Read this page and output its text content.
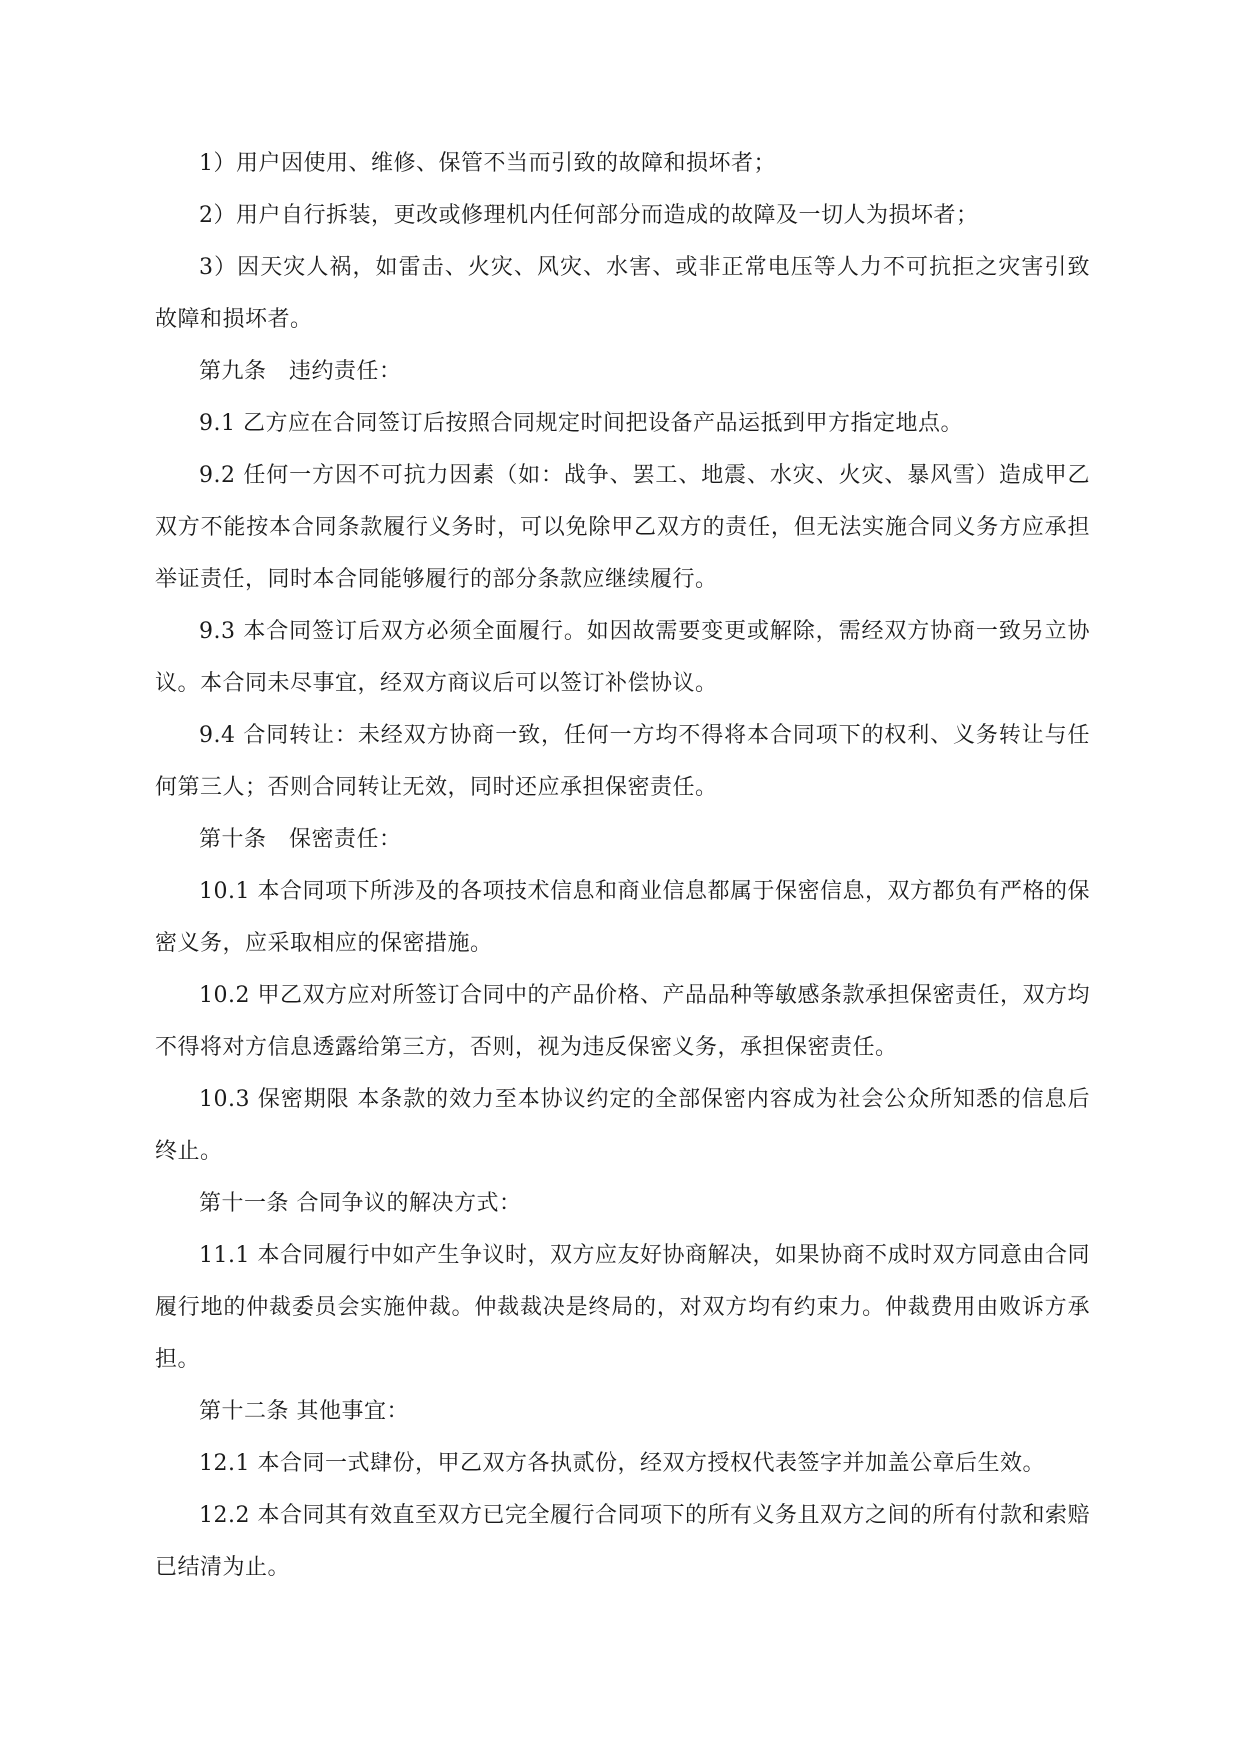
1）用户因使用、维修、保管不当而引致的故障和损坏者；

2）用户自行拆装，更改或修理机内任何部分而造成的故障及一切人为损坏者；

3）因天灾人祸，如雷击、火灾、风灾、水害、或非正常电压等人力不可抗拒之灾害引致故障和损坏者。

第九条　违约责任：

9.1 乙方应在合同签订后按照合同规定时间把设备产品运抵到甲方指定地点。

9.2 任何一方因不可抗力因素（如：战争、罢工、地震、水灾、火灾、暴风雪）造成甲乙双方不能按本合同条款履行义务时，可以免除甲乙双方的责任，但无法实施合同义务方应承担举证责任，同时本合同能够履行的部分条款应继续履行。

9.3 本合同签订后双方必须全面履行。如因故需要变更或解除，需经双方协商一致另立协议。本合同未尽事宜，经双方商议后可以签订补偿协议。

9.4 合同转让：未经双方协商一致，任何一方均不得将本合同项下的权利、义务转让与任何第三人；否则合同转让无效，同时还应承担保密责任。

第十条　保密责任：

10.1 本合同项下所涉及的各项技术信息和商业信息都属于保密信息，双方都负有严格的保密义务，应采取相应的保密措施。

10.2 甲乙双方应对所签订合同中的产品价格、产品品种等敏感条款承担保密责任，双方均不得将对方信息透露给第三方，否则，视为违反保密义务，承担保密责任。

10.3 保密期限 本条款的效力至本协议约定的全部保密内容成为社会公众所知悉的信息后终止。

第十一条 合同争议的解决方式：

11.1 本合同履行中如产生争议时，双方应友好协商解决，如果协商不成时双方同意由合同履行地的仲裁委员会实施仲裁。仲裁裁决是终局的，对双方均有约束力。仲裁费用由败诉方承担。

第十二条 其他事宜：

12.1 本合同一式肆份，甲乙双方各执贰份，经双方授权代表签字并加盖公章后生效。

12.2 本合同其有效直至双方已完全履行合同项下的所有义务且双方之间的所有付款和索赔已结清为止。
